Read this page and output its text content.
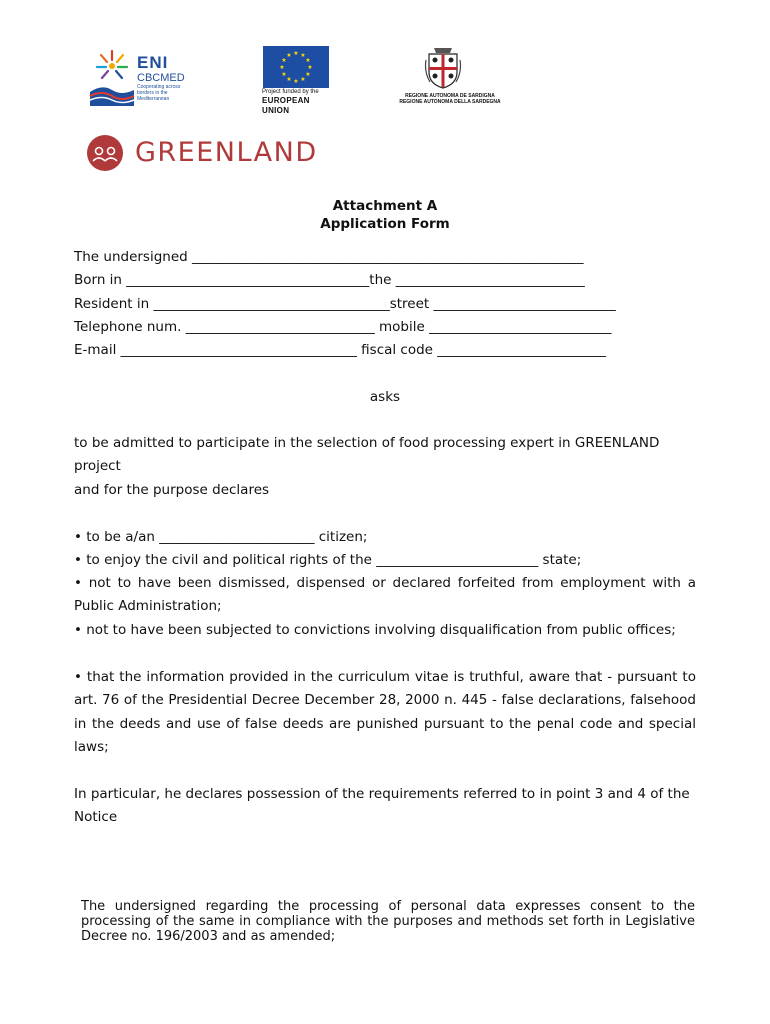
ENI
CBCMED
Cooperating across borders in the Mediterranean
★ ★
★
★
★
★
★
★
★
★
★
★
Project funded by the
EUROPEAN UNION
REGIONE AUTONOMA DE SARDIGNA
REGIONE AUTONOMA DELLA SARDEGNA
GREENLAND
Attachment A
Application Form
The undersigned __________________________________________________________
Born in ____________________________________the ____________________________
Resident in ___________________________________street ___________________________
Telephone num. ____________________________ mobile ___________________________
E-mail ___________________________________ fiscal code _________________________
asks
to be admitted to participate in the selection of food processing expert in GREENLAND project
and for the purpose declares
• to be a/an _______________________ citizen;
• to enjoy the civil and political rights of the ________________________ state;
• not to have been dismissed, dispensed or declared forfeited from employment with a Public Administration;
• not to have been subjected to convictions involving disqualification from public offices;
• that the information provided in the curriculum vitae is truthful, aware that - pursuant to art. 76 of the Presidential Decree December 28, 2000 n. 445 - false declarations, falsehood in the deeds and use of false deeds are punished pursuant to the penal code and special laws;
In particular, he declares possession of the requirements referred to in point 3 and 4 of the Notice
The undersigned regarding the processing of personal data expresses consent to the processing of the same in compliance with the purposes and methods set forth in Legislative Decree no. 196/2003 and as amended;
